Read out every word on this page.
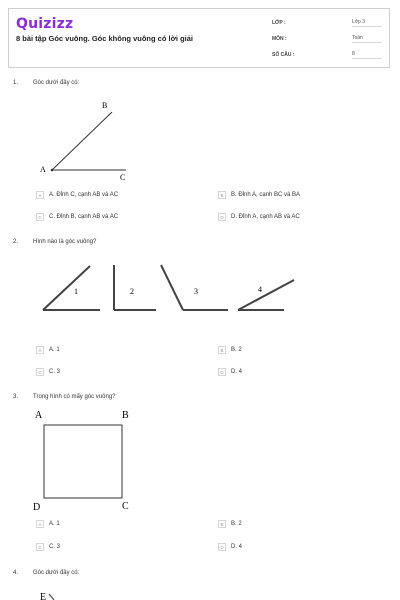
Quizizz
8 bài tập Góc vuông. Góc không vuông có lời giải
LỚP :	Lớp 3
MÔN :	Toán
SỐ CÂU :	8
1. Góc dưới đây có:
B
A
C
A	A. Đỉnh C, cạnh AB và AC	B	B. Đỉnh A, cạnh BC và BA
C	C. Đỉnh B, cạnh AB và AC	D	D. Đỉnh A, cạnh AB và AC
2. Hình nào là góc vuông?
1	2	3	4
A	A. 1	B	B. 2
C	C. 3	D	D. 4
3. Trong hình có mấy góc vuông?
A	B
D	C
A	A. 1	B	B. 2
C	C. 3	D	D. 4
4. Góc dưới đây có:
E
